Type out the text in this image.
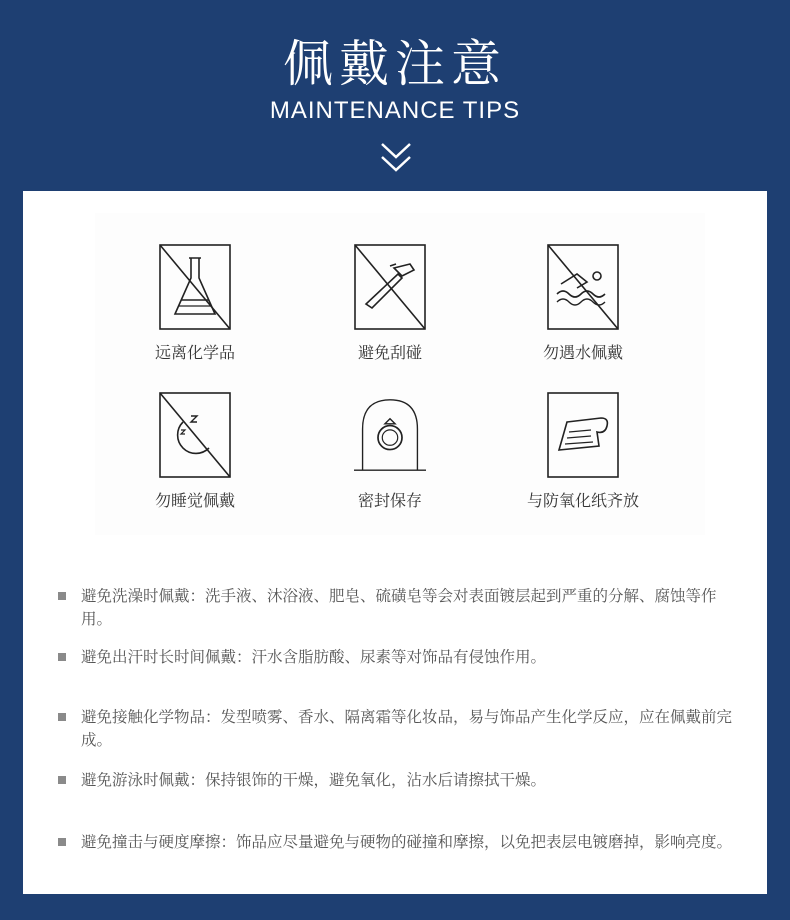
佩戴注意
MAINTENANCE TIPS
远离化学品	避免刮碰	勿遇水佩戴
勿睡觉佩戴	密封保存	与防氧化纸齐放
避免洗澡时佩戴：洗手液、沐浴液、肥皂、硫磺皂等会对表面镀层起到严重的分解、腐蚀等作用。
避免出汗时长时间佩戴：汗水含脂肪酸、尿素等对饰品有侵蚀作用。
避免接触化学物品：发型喷雾、香水、隔离霜等化妆品，易与饰品产生化学反应，应在佩戴前完成。
避免游泳时佩戴：保持银饰的干燥，避免氧化，沾水后请擦拭干燥。
避免撞击与硬度摩擦：饰品应尽量避免与硬物的碰撞和摩擦，以免把表层电镀磨掉，影响亮度。
